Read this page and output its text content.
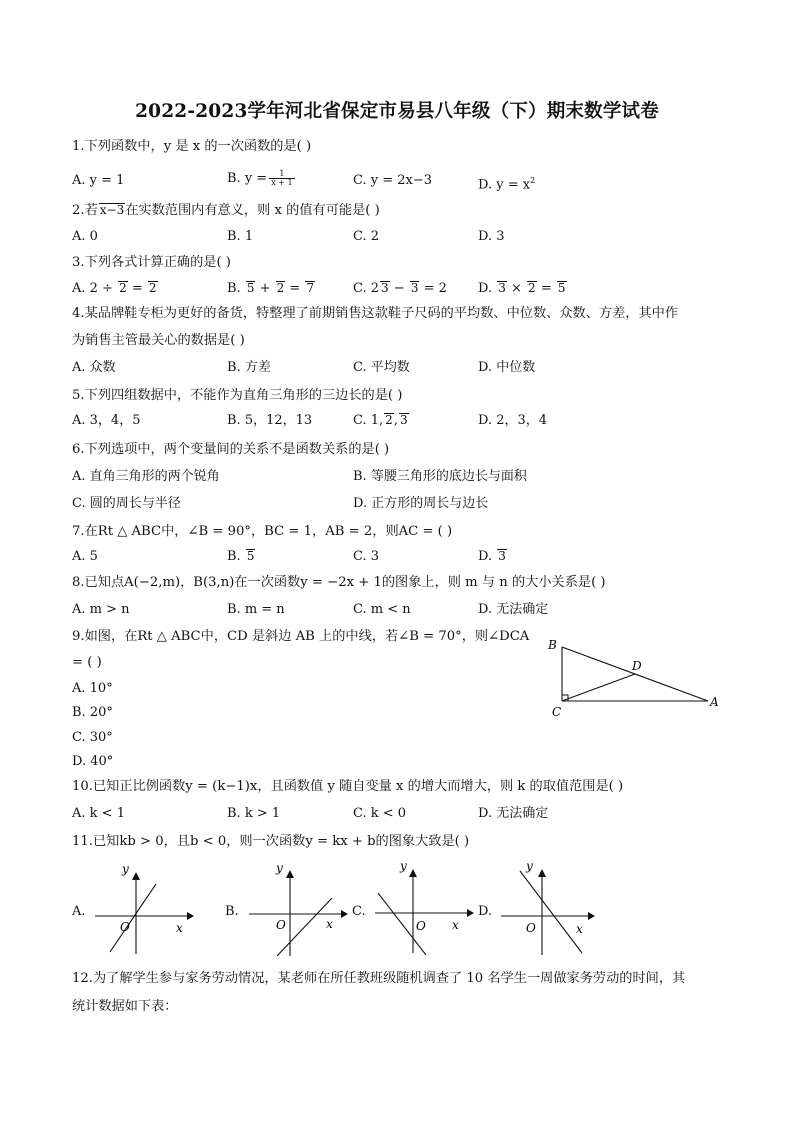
2022-2023学年河北省保定市易县八年级（下）期末数学试卷
1.下列函数中，y 是 x 的一次函数的是( )
A. y = 1	B. $y = \frac{1}{x + 1}$	C. y = 2x−3	D. $y = x^2$
2.若 x−3在实数范围内有意义，则 x 的值有可能是( )
A. 0	B. 1	C. 2	D. 3
3.下列各式计算正确的是( )
A. 2 ÷ 2 = 2	B. 5 + 2 = 7	C. 2 3 − 3 = 2 D. 3 × 2 = 5
4.某品牌鞋专柜为更好的备货，特整理了前期销售这款鞋子尺码的平均数、中位数、众数、方差，其中作
为销售主管最关心的数据是( )
A. 众数	B. 方差	C. 平均数	D. 中位数
5.下列四组数据中，不能作为直角三角形的三边长的是( )
A. 3，4，5	B. 5，12，13	C. 1, 2, 3	D. 2，3，4
6.下列选项中，两个变量间的关系不是函数关系的是( )
A. 直角三角形的两个锐角	B. 等腰三角形的底边长与面积
C. 圆的周长与半径	D. 正方形的周长与边长
7.在Rt △ ABC中，∠B = 90°，BC = 1，AB = 2，则AC = ( )
A. 5	B. 5	C. 3	D. 3
8.已知点A(−2,m)，B(3,n)在一次函数y = −2x + 1的图象上，则 m 与 n 的大小关系是( )
A. m > n	B. m = n	C. m < n	D. 无法确定
9.如图，在Rt △ ABC中，CD 是斜边 AB 上的中线，若∠B = 70°，则∠DCA
= ( )
A. 10°
B. 20°
C. 30°
D. 40°
B
D
C
A
10.已知正比例函数y = (k−1)x，且函数值 y 随自变量 x 的增大而增大，则 k 的取值范围是( )
A. k < 1	B. k > 1	C. k < 0	D. 无法确定
11.已知kb > 0，且b < 0，则一次函数y = kx + b的图象大致是( )
A.
y
O	x
B.
y
O	x
C.
y
O x
D.
y
O	x
12.为了解学生参与家务劳动情况，某老师在所任教班级随机调查了 10 名学生一周做家务劳动的时间，其
统计数据如下表：
